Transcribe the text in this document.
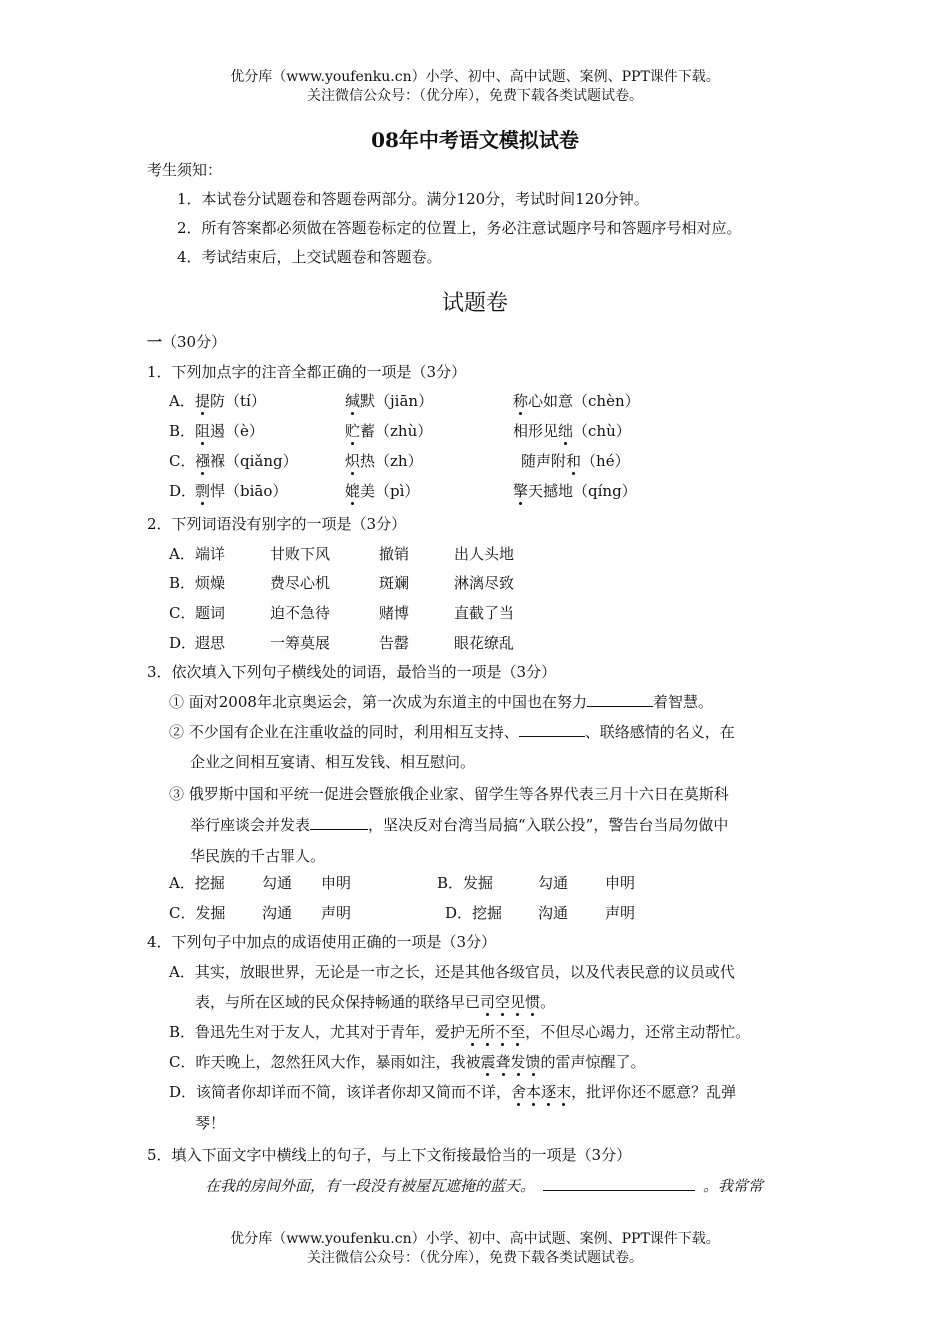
优分库（www.youfenku.cn）小学、初中、高中试题、案例、PPT课件下载。
关注微信公众号：（优分库），免费下载各类试题试卷。
08年中考语文模拟试卷
考生须知：
1．本试卷分试题卷和答题卷两部分。满分120分，考试时间120分钟。
2．所有答案都必须做在答题卷标定的位置上，务必注意试题序号和答题序号相对应。
4．考试结束后，上交试题卷和答题卷。
试题卷
一（30分）
1．下列加点字的注音全都正确的一项是（3分）
A． 提防（tí）	缄默（jiān）	称心如意（chèn）
B． 阻遏（è）	贮蓄（zhù）	相形见绌（chù）
C． 襁褓（qiǎng）	炽热（zh）	随声附和（hé）
D．
剽悍（biāo）	媲美（pì）	擎天撼地（qíng）
2．下列词语没有别字的一项是（3分）
A． 端详	甘败下风	撤销	出人头地
B． 烦燥	费尽心机	斑斓	淋漓尽致
C． 题词	迫不急待	赌博	直截了当
D．
遐思	一筹莫展	告罄	眼花缭乱
3．依次填入下列句子横线处的词语，最恰当的一项是（3分）
① 面对2008年北京奥运会，第一次成为东道主的中国也在努力	着智慧。
② 不少国有企业在注重收益的同时，利用相互支持、	、联络感情的名义，在
企业之间相互宴请、相互发钱、相互慰问。
③ 俄罗斯中国和平统一促进会暨旅俄企业家、留学生等各界代表三月十六日在莫斯科
举行座谈会并发表	，坚决反对台湾当局搞“入联公投”，警告台当局勿做中
华民族的千古罪人。
A．挖掘 勾通 申明	B．发掘	勾通 申明
C．发掘 沟通 声明	D．挖掘 沟通 声明
4．下列句子中加点的成语使用正确的一项是（3分）
A．其实，放眼世界，无论是一市之长，还是其他各级官员，以及代表民意的议员或代
表，与所在区域的民众保持畅通的联络早已司空见惯。
B．鲁迅先生对于友人，尤其对于青年，爱护无所不至，不但尽心竭力，还常主动帮忙。
C．昨天晚上，忽然狂风大作，暴雨如注，我被震聋发馈的雷声惊醒了。
D．该简者你却详而不简，该详者你却又简而不详，舍本逐末，批评你还不愿意？乱弹
琴！
5．填入下面文字中横线上的句子，与上下文衔接最恰当的一项是（3分）
在我的房间外面，有一段没有被屋瓦遮掩的蓝天。	。我常常
优分库（www.youfenku.cn）小学、初中、高中试题、案例、PPT课件下载。
关注微信公众号：（优分库），免费下载各类试题试卷。
